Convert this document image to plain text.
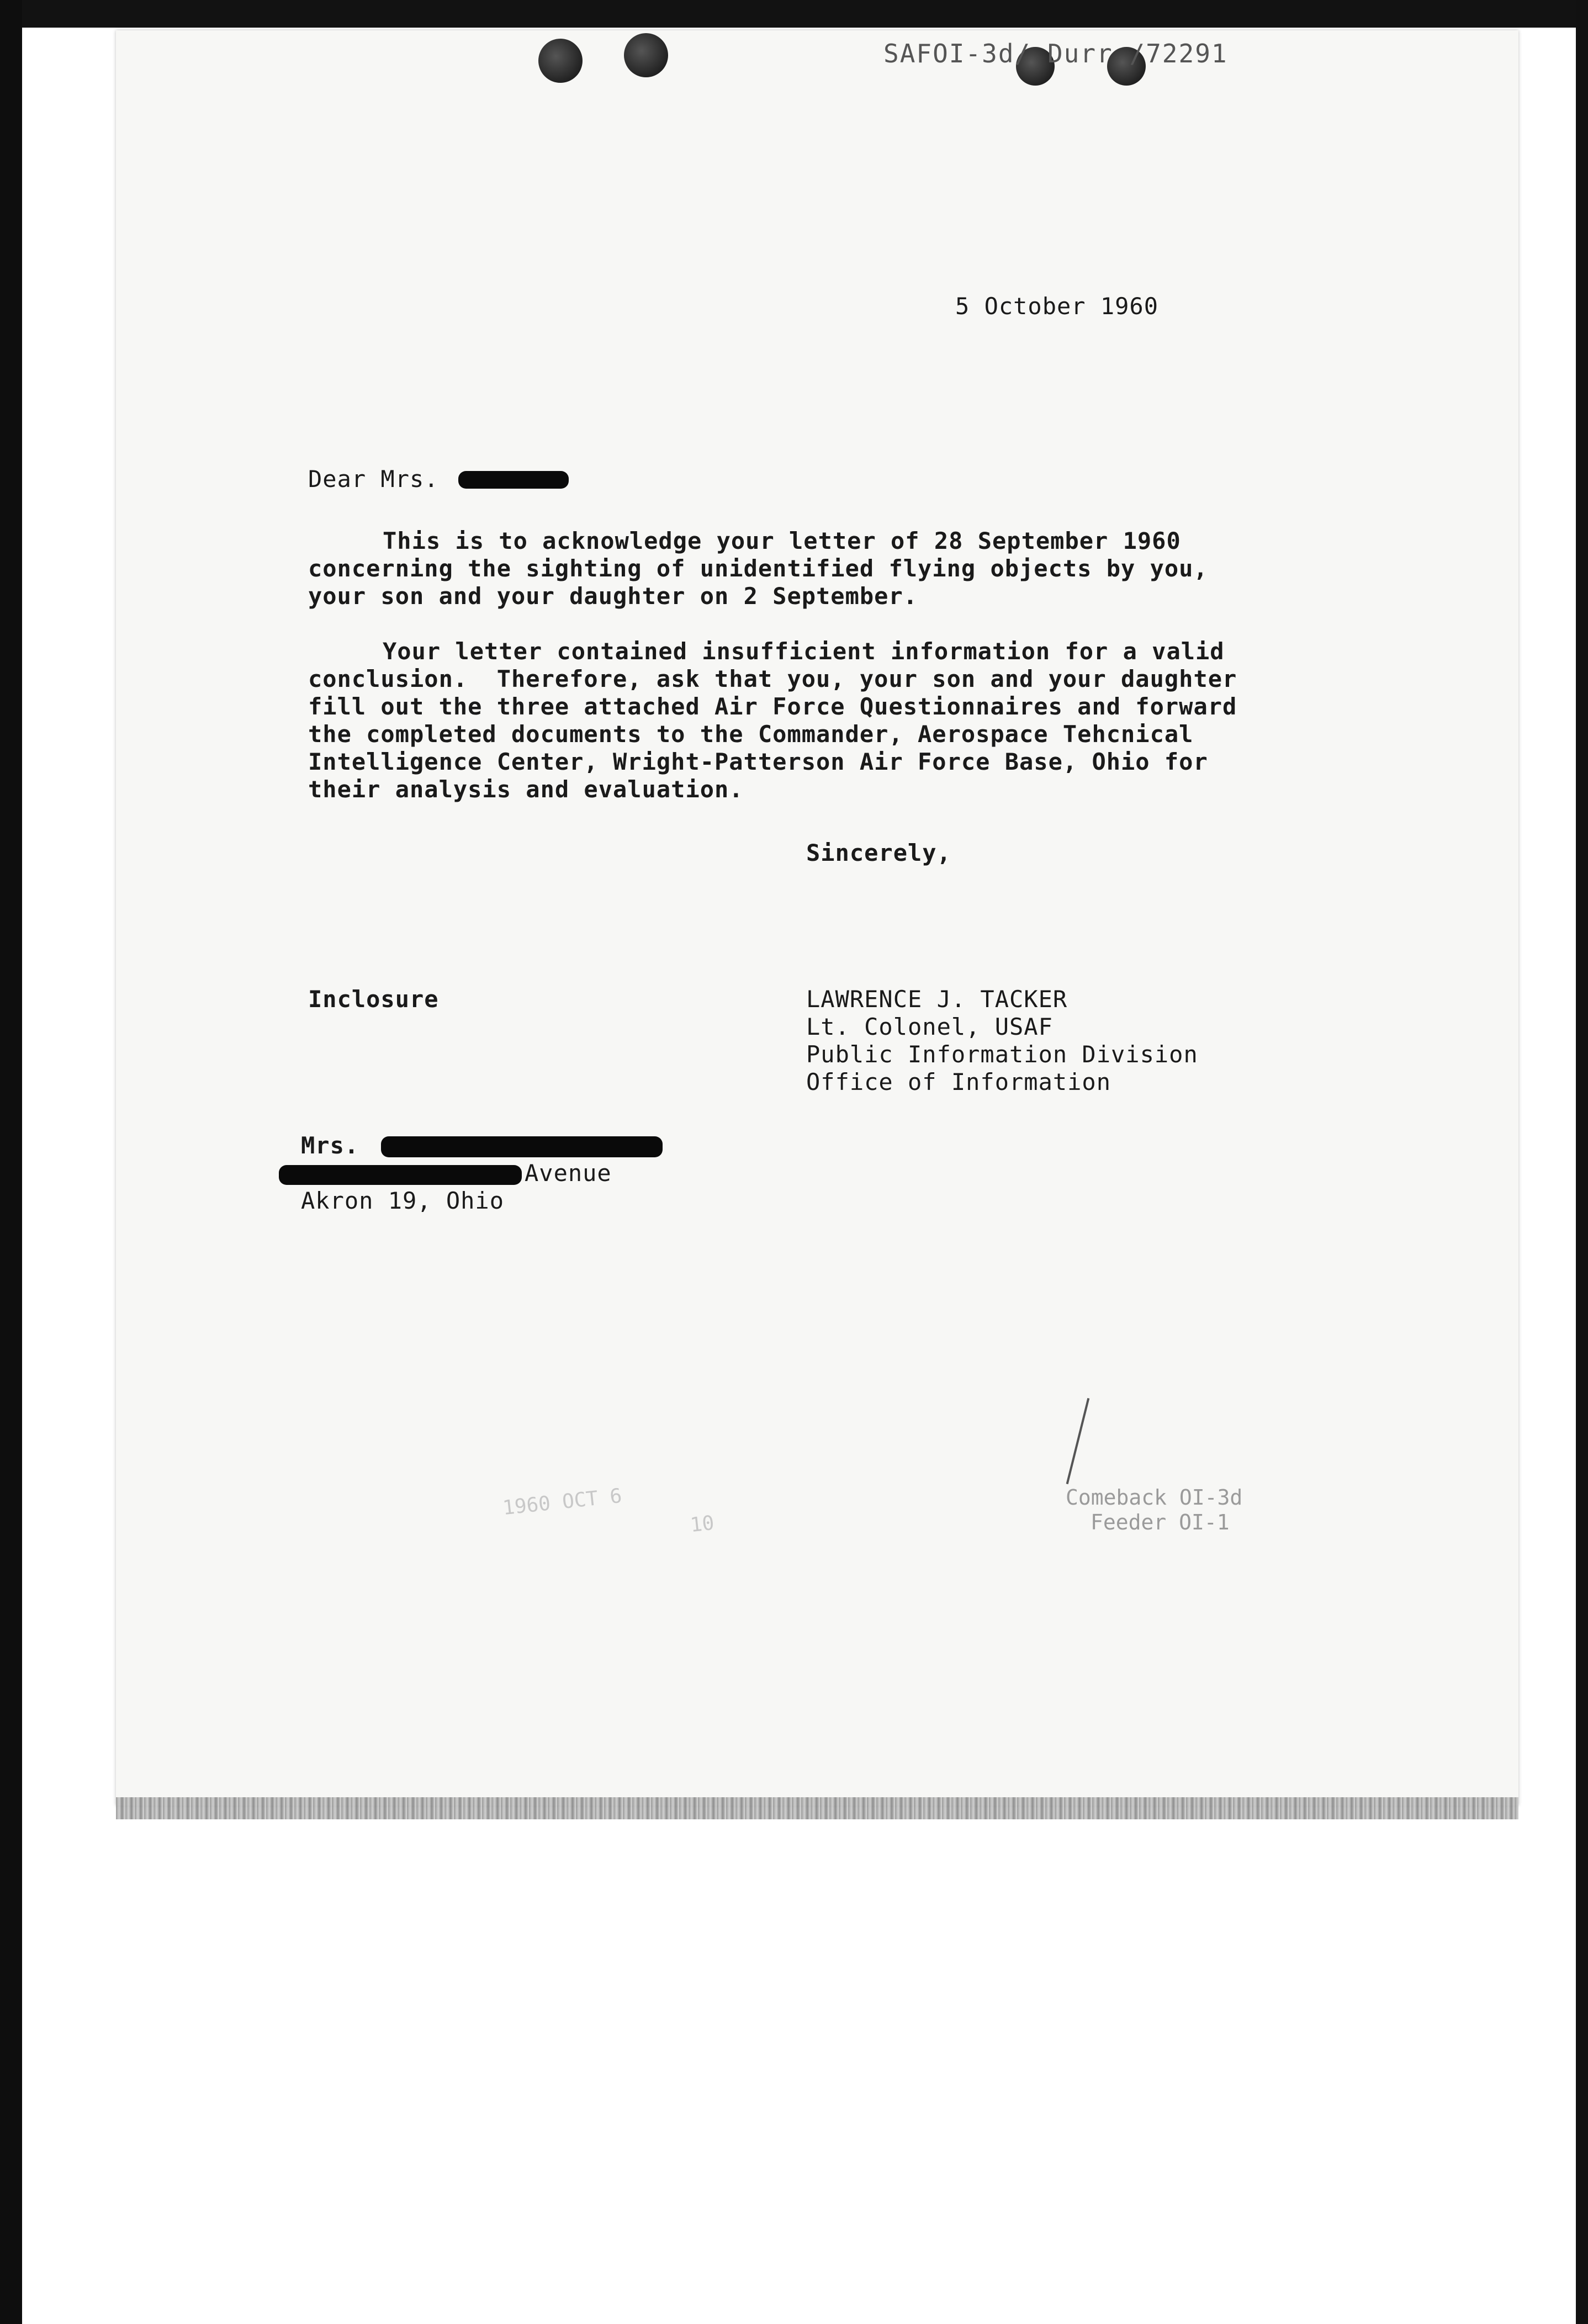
SAFOI-3d/ Durr /72291
5 October 1960
Dear Mrs.
This is to acknowledge your letter of 28 September 1960
concerning the sighting of unidentified flying objects by you,
your son and your daughter on 2 September.
Your letter contained insufficient information for a valid
conclusion.  Therefore, ask that you, your son and your daughter
fill out the three attached Air Force Questionnaires and forward
the completed documents to the Commander, Aerospace Tehcnical
Intelligence Center, Wright-Patterson Air Force Base, Ohio for
their analysis and evaluation.
Sincerely,
Inclosure	LAWRENCE J. TACKER
Lt. Colonel, USAF
Public Information Division
Office of Information
Mrs.
Avenue
Akron 19, Ohio
1960 OCT 6
10
Comeback OI-3d
Feeder OI-1
